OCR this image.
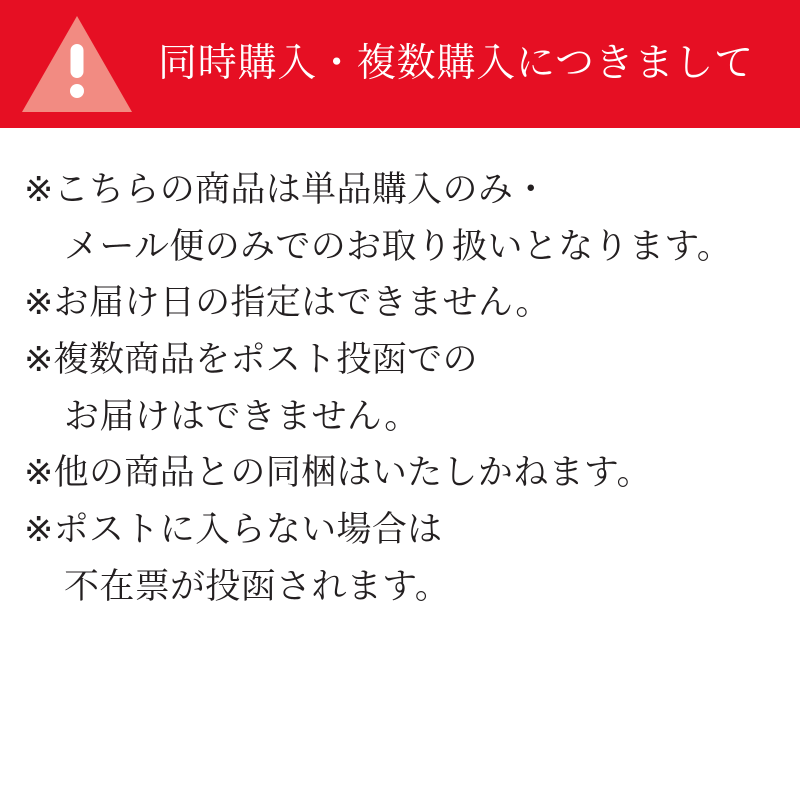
同時購入・複数購入につきまして
※こちらの商品は単品購入のみ・
メール便のみでのお取り扱いとなります。
※お届け日の指定はできません。
※複数商品をポスト投函での
お届けはできません。
※他の商品との同梱はいたしかねます。
※ポストに入らない場合は
不在票が投函されます。
